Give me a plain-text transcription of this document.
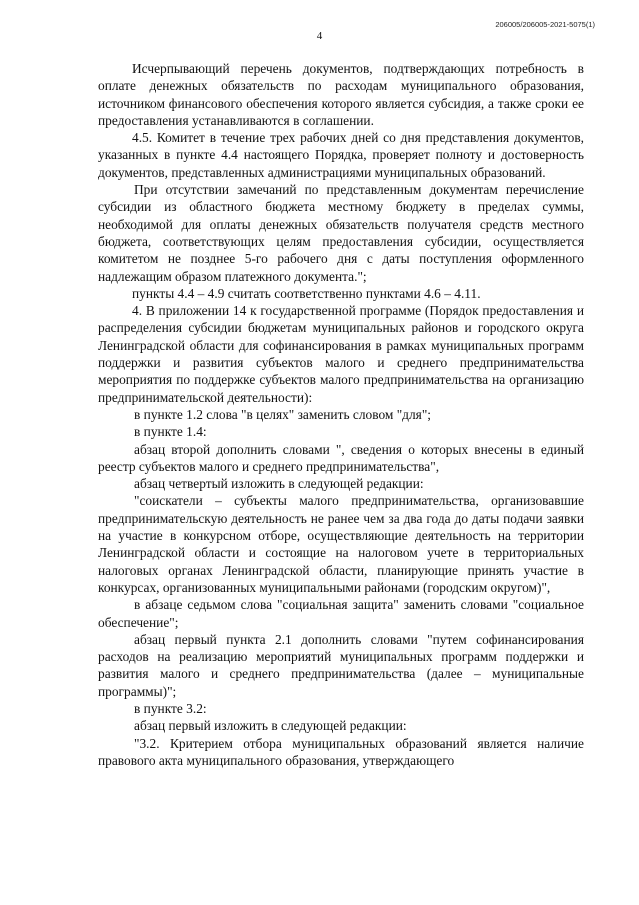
4
206005/206005-2021-5075(1)

Исчерпывающий перечень документов, подтверждающих потребность в оплате денежных обязательств по расходам муниципального образования, источником финансового обеспечения которого является субсидия, а также сроки ее предоставления устанавливаются в соглашении.

4.5. Комитет в течение трех рабочих дней со дня представления документов, указанных в пункте 4.4 настоящего Порядка, проверяет полноту и достоверность документов, представленных администрациями муниципальных образований.

При отсутствии замечаний по представленным документам перечисление субсидии из областного бюджета местному бюджету в пределах суммы, необходимой для оплаты денежных обязательств получателя средств местного бюджета, соответствующих целям предоставления субсидии, осуществляется комитетом не позднее 5-го рабочего дня с даты поступления оформленного надлежащим образом платежного документа.";

пункты 4.4 – 4.9 считать соответственно пунктами 4.6 – 4.11.

4. В приложении 14 к государственной программе (Порядок предоставления и распределения субсидии бюджетам муниципальных районов и городского округа Ленинградской области для софинансирования в рамках муниципальных программ поддержки и развития субъектов малого и среднего предпринимательства мероприятия по поддержке субъектов малого предпринимательства на организацию предпринимательской деятельности):

в пункте 1.2 слова "в целях" заменить словом "для";

в пункте 1.4:

абзац второй дополнить словами ", сведения о которых внесены в единый реестр субъектов малого и среднего предпринимательства",

абзац четвертый изложить в следующей редакции:

"соискатели – субъекты малого предпринимательства, организовавшие предпринимательскую деятельность не ранее чем за два года до даты подачи заявки на участие в конкурсном отборе, осуществляющие деятельность на территории Ленинградской области и состоящие на налоговом учете в территориальных налоговых органах Ленинградской области, планирующие принять участие в конкурсах, организованных муниципальными районами (городским округом)",

в абзаце седьмом слова "социальная защита" заменить словами "социальное обеспечение";

абзац первый пункта 2.1 дополнить словами "путем софинансирования расходов на реализацию мероприятий муниципальных программ поддержки и развития малого и среднего предпринимательства (далее – муниципальные программы)";

в пункте 3.2:

абзац первый изложить в следующей редакции:

"3.2. Критерием отбора муниципальных образований является наличие правового акта муниципального образования, утверждающего
